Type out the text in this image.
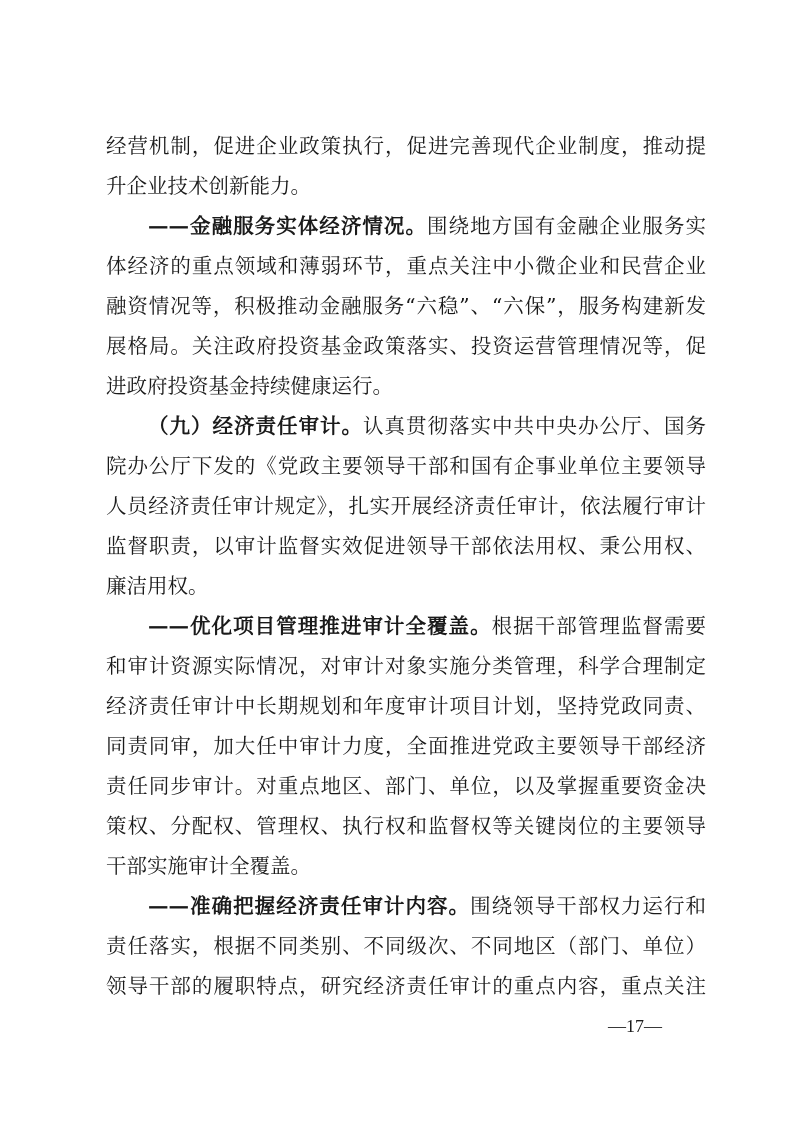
经营机制，促进企业政策执行，促进完善现代企业制度，推动提
升企业技术创新能力。
——金融服务实体经济情况。围绕地方国有金融企业服务实
体经济的重点领域和薄弱环节，重点关注中小微企业和民营企业
融资情况等，积极推动金融服务“六稳”、“六保”，服务构建新发
展格局。关注政府投资基金政策落实、投资运营管理情况等，促
进政府投资基金持续健康运行。
（九）经济责任审计。认真贯彻落实中共中央办公厅、国务
院办公厅下发的《党政主要领导干部和国有企事业单位主要领导
人员经济责任审计规定》，扎实开展经济责任审计，依法履行审计
监督职责，以审计监督实效促进领导干部依法用权、秉公用权、
廉洁用权。
——优化项目管理推进审计全覆盖。根据干部管理监督需要
和审计资源实际情况，对审计对象实施分类管理，科学合理制定
经济责任审计中长期规划和年度审计项目计划，坚持党政同责、
同责同审，加大任中审计力度，全面推进党政主要领导干部经济
责任同步审计。对重点地区、部门、单位，以及掌握重要资金决
策权、分配权、管理权、执行权和监督权等关键岗位的主要领导
干部实施审计全覆盖。
——准确把握经济责任审计内容。围绕领导干部权力运行和
责任落实，根据不同类别、不同级次、不同地区（部门、单位）
领导干部的履职特点，研究经济责任审计的重点内容，重点关注
—17—
